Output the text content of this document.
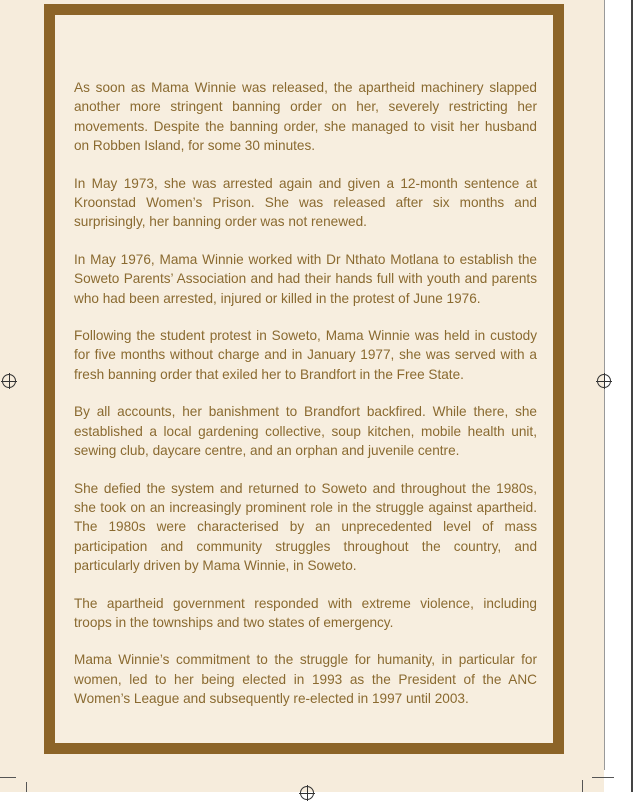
As soon as Mama Winnie was released, the apartheid machinery slapped another more stringent banning order on her, severely restricting her movements. Despite the banning order, she managed to visit her husband on Robben Island, for some 30 minutes.

In May 1973, she was arrested again and given a 12-month sentence at Kroonstad Women’s Prison. She was released after six months and surprisingly, her banning order was not renewed.

In May 1976, Mama Winnie worked with Dr Nthato Motlana to establish the Soweto Parents’ Association and had their hands full with youth and parents who had been arrested, injured or killed in the protest of June 1976.

Following the student protest in Soweto, Mama Winnie was held in custody for five months without charge and in January 1977, she was served with a fresh banning order that exiled her to Brandfort in the Free State.

By all accounts, her banishment to Brandfort backfired. While there, she established a local gardening collective, soup kitchen, mobile health unit, sewing club, daycare centre, and an orphan and juvenile centre.

She defied the system and returned to Soweto and throughout the 1980s, she took on an increasingly prominent role in the struggle against apartheid. The 1980s were characterised by an unprecedented level of mass participation and community struggles throughout the country, and particularly driven by Mama Winnie, in Soweto.

The apartheid government responded with extreme violence, including troops in the townships and two states of emergency.

Mama Winnie’s commitment to the struggle for humanity, in particular for women, led to her being elected in 1993 as the President of the ANC Women’s League and subsequently re-elected in 1997 until 2003.
